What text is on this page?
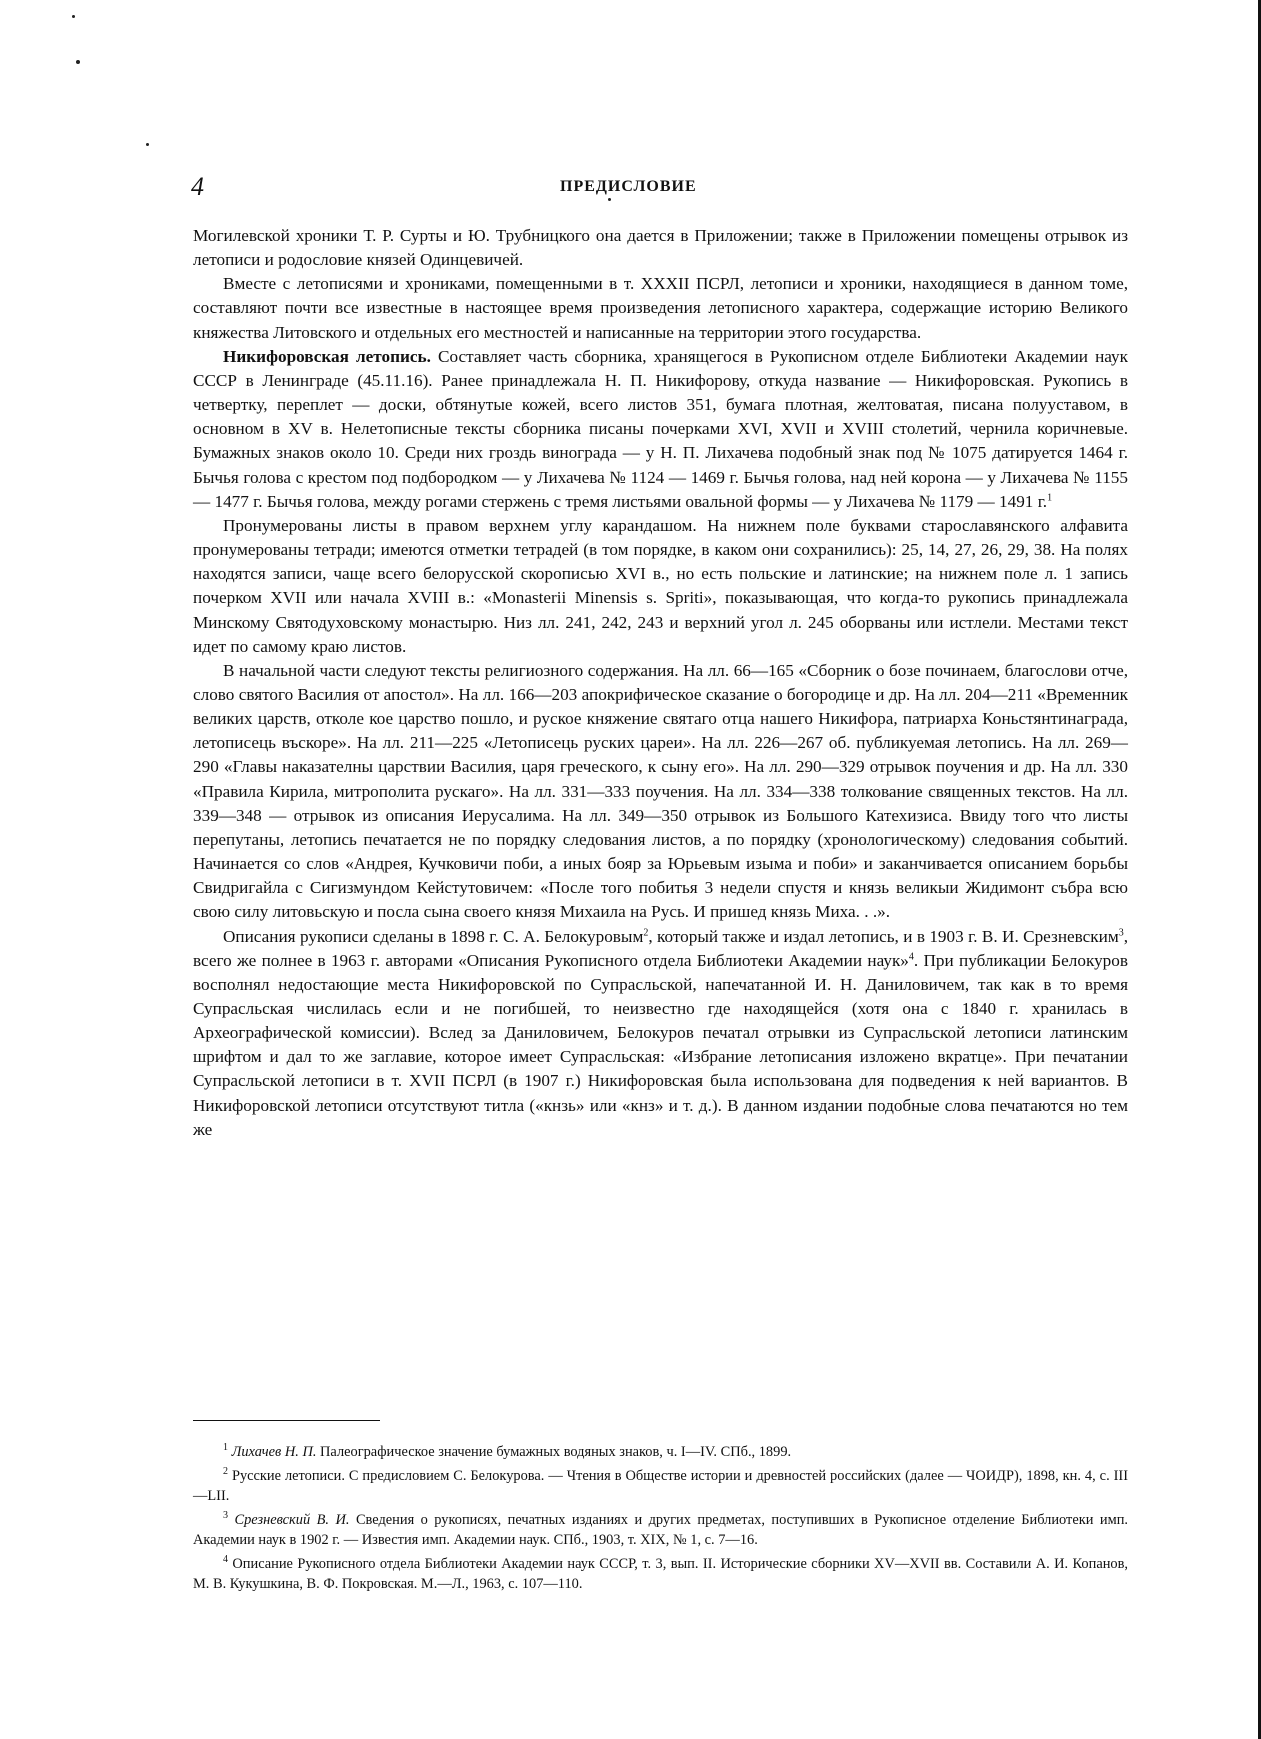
4	ПРЕДИСЛОВИЕ

Могилевской хроники Т. Р. Сурты и Ю. Трубницкого она дается в Приложении; также в Приложении помещены отрывок из летописи и родословие князей Одинцевичей.

Вместе с летописями и хрониками, помещенными в т. XXXII ПСРЛ, летописи и хроники, находящиеся в данном томе, составляют почти все известные в настоящее время произведения летописного характера, содержащие историю Великого княжества Литовского и отдельных его местностей и написанные на территории этого государства.

Никифоровская летопись. Составляет часть сборника, хранящегося в Рукописном отделе Библиотеки Академии наук СССР в Ленинграде (45.11.16). Ранее принадлежала Н. П. Никифорову, откуда название — Никифоровская. Рукопись в четвертку, переплет — доски, обтянутые кожей, всего листов 351, бумага плотная, желтоватая, писана полууставом, в основном в XV в. Нелетописные тексты сборника писаны почерками XVI, XVII и XVIII столетий, чернила коричневые. Бумажных знаков около 10. Среди них гроздь винограда — у Н. П. Лихачева подобный знак под № 1075 датируется 1464 г. Бычья голова с крестом под подбородком — у Лихачева № 1124 — 1469 г. Бычья голова, над ней корона — у Лихачева № 1155 — 1477 г. Бычья голова, между рогами стержень с тремя листьями овальной формы — у Лихачева № 1179 — 1491 г.$^1$

Пронумерованы листы в правом верхнем углу карандашом. На нижнем поле буквами старославянского алфавита пронумерованы тетради; имеются отметки тетрадей (в том порядке, в каком они сохранились): 25, 14, 27, 26, 29, 38. На полях находятся записи, чаще всего белорусской скорописью XVI в., но есть польские и латинские; на нижнем поле л. 1 запись почерком XVII или начала XVIII в.: «Monasterii Minensis s. Spriti», показывающая, что когда-то рукопись принадлежала Минскому Святодуховскому монастырю. Низ лл. 241, 242, 243 и верхний угол л. 245 оборваны или истлели. Местами текст идет по самому краю листов.

В начальной части следуют тексты религиозного содержания. На лл. 66—165 «Сборник о бозе починаем, благослови отче, слово святого Василия от апостол». На лл. 166—203 апокрифическое сказание о богородице и др. На лл. 204—211 «Временник великих царств, отколе кое царство пошло, и руское княжение святаго отца нашего Никифора, патриарха Коньстянтинаграда, летописець въскоре». На лл. 211—225 «Летописець руских цареи». На лл. 226—267 об. публикуемая летопись. На лл. 269—290 «Главы наказателны царствии Василия, царя греческого, к сыну его». На лл. 290—329 отрывок поучения и др. На лл. 330 «Правила Кирила, митрополита рускаго». На лл. 331—333 поучения. На лл. 334—338 толкование священных текстов. На лл. 339—348 — отрывок из описания Иерусалима. На лл. 349—350 отрывок из Большого Катехизиса. Ввиду того что листы перепутаны, летопись печатается не по порядку следования листов, а по порядку (хронологическому) следования событий. Начинается со слов «Андрея, Кучковичи поби, а иных бояр за Юрьевым изыма и поби» и заканчивается описанием борьбы Свидригайла с Сигизмундом Кейстутовичем: «После того побитья 3 недели спустя и князь великыи Жидимонт събра всю свою силу литовьскую и посла сына своего князя Михаила на Русь. И пришед князь Миха. . .».

Описания рукописи сделаны в 1898 г. С. А. Белокуровым$^2$, который также и издал летопись, и в 1903 г. В. И. Срезневским$^3$, всего же полнее в 1963 г. авторами «Описания Рукописного отдела Библиотеки Академии наук»$^4$. При публикации Белокуров восполнял недостающие места Никифоровской по Супрасльской, напечатанной И. Н. Даниловичем, так как в то время Супрасльская числилась если и не погибшей, то неизвестно где находящейся (хотя она с 1840 г. хранилась в Археографической комиссии). Вслед за Даниловичем, Белокуров печатал отрывки из Супрасльской летописи латинским шрифтом и дал то же заглавие, которое имеет Супрасльская: «Избрание летописания изложено вкратце». При печатании Супрасльской летописи в т. XVII ПСРЛ (в 1907 г.) Никифоровская была использована для подведения к ней вариантов. В Никифоровской летописи отсутствуют титла («кнзь» или «кнз» и т. д.). В данном издании подобные слова печатаются но тем же

$^1$ Лихачев Н. П. Палеографическое значение бумажных водяных знаков, ч. I—IV. СПб., 1899.

$^2$ Русские летописи. С предисловием С. Белокурова. — Чтения в Обществе истории и древностей российских (далее — ЧОИДР), 1898, кн. 4, с. III—LII.

$^3$ Срезневский В. И. Сведения о рукописях, печатных изданиях и других предметах, поступивших в Рукописное отделение Библиотеки имп. Академии наук в 1902 г. — Известия имп. Академии наук. СПб., 1903, т. XIX, № 1, с. 7—16.

$^4$ Описание Рукописного отдела Библиотеки Академии наук СССР, т. 3, вып. II. Исторические сборники XV—XVII вв. Составили А. И. Копанов, М. В. Кукушкина, В. Ф. Покровская. М.—Л., 1963, с. 107—110.
